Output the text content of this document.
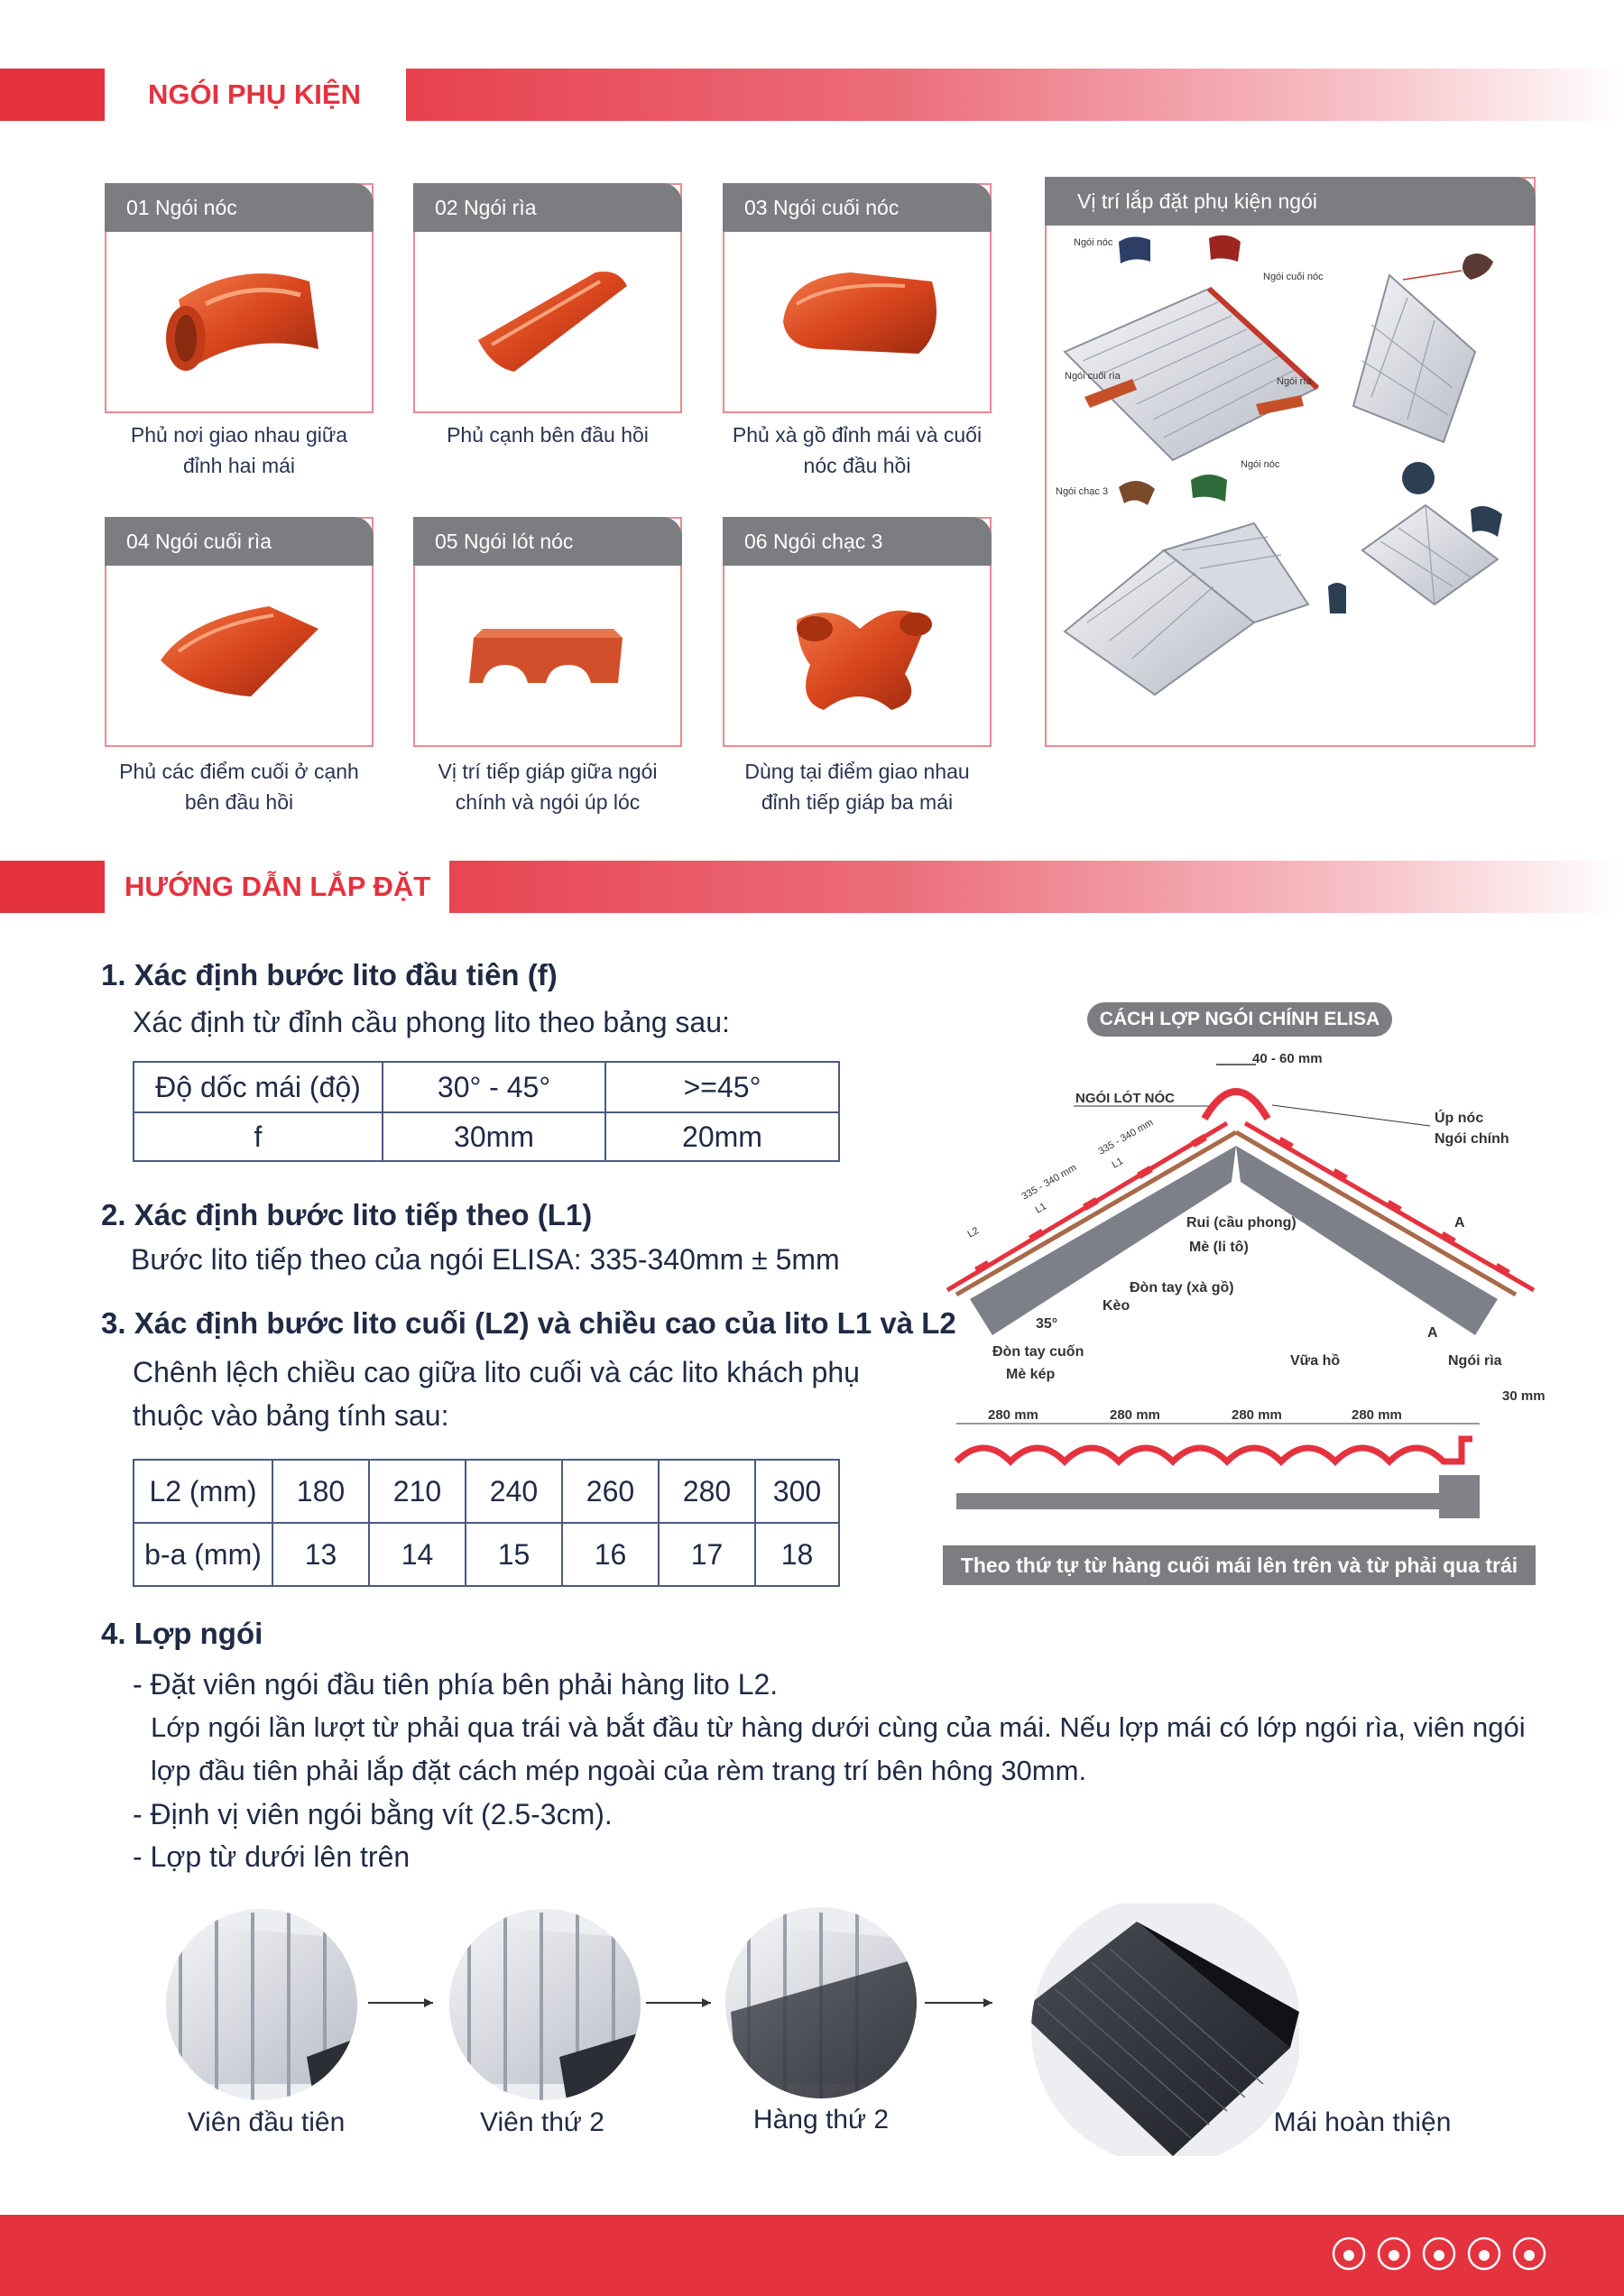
NGÓI PHỤ KIỆN
01 Ngói nóc
Phủ nơi giao nhau giữa
đỉnh hai mái
02 Ngói rìa
Phủ cạnh bên đầu hồi
03 Ngói cuối nóc
Phủ xà gồ đỉnh mái và cuối
nóc đầu hồi
04 Ngói cuối rìa
Phủ các điểm cuối ở cạnh
bên đầu hồi
05 Ngói lót nóc
Vị trí tiếp giáp giữa ngói
chính và ngói úp lóc
06 Ngói chạc 3
Dùng tại điểm giao nhau
đỉnh tiếp giáp ba mái
Vị trí lắp đặt phụ kiện ngói
Ngói nóc
Ngói cuối nóc
Ngói cuối rìa	Ngói rìa
Ngói chạc 3
Ngói nóc
HƯỚNG DẪN LẮP ĐẶT
1. Xác định bước lito đầu tiên (f)
Xác định từ đỉnh cầu phong lito theo bảng sau:
Độ dốc mái (độ)	30° - 45°	>=45°
f	30mm	20mm
2. Xác định bước lito tiếp theo (L1)
Bước lito tiếp theo của ngói ELISA: 335-340mm ± 5mm
3. Xác định bước lito cuối (L2) và chiều cao của lito L1 và L2
Chênh lệch chiều cao giữa lito cuối và các lito khách phụ
thuộc vào bảng tính sau:
L2 (mm)	180	210	240	260	280	300
b-a (mm)	13	14	15	16	17	18
4. Lợp ngói
- Đặt viên ngói đầu tiên phía bên phải hàng lito L2.
Lớp ngói lần lượt từ phải qua trái và bắt đầu từ hàng dưới cùng của mái. Nếu lợp mái có lớp ngói rìa, viên ngói
lợp đầu tiên phải lắp đặt cách mép ngoài của rèm trang trí bên hông 30mm.
- Định vị viên ngói bằng vít (2.5-3cm).
- Lợp từ dưới lên trên
CÁCH LỢP NGÓI CHÍNH ELISA
40 - 60 mm
NGÓI LÓT NÓC
Úp nóc
Ngói chính
Rui (cầu phong)
Mè (li tô)
Đòn tay (xà gồ)
Kèo
Đòn tay cuốn
Mè kép
35°
A
A
L2
335 - 340 mm
L1
335 - 340 mm
L1
Vữa hồ	Ngói rìa
30 mm
280 mm	280 mm	280 mm	280 mm
Theo thứ tự từ hàng cuối mái lên trên và từ phải qua trái
Viên đầu tiên	Viên thứ 2	Hàng thứ 2	Mái hoàn thiện
